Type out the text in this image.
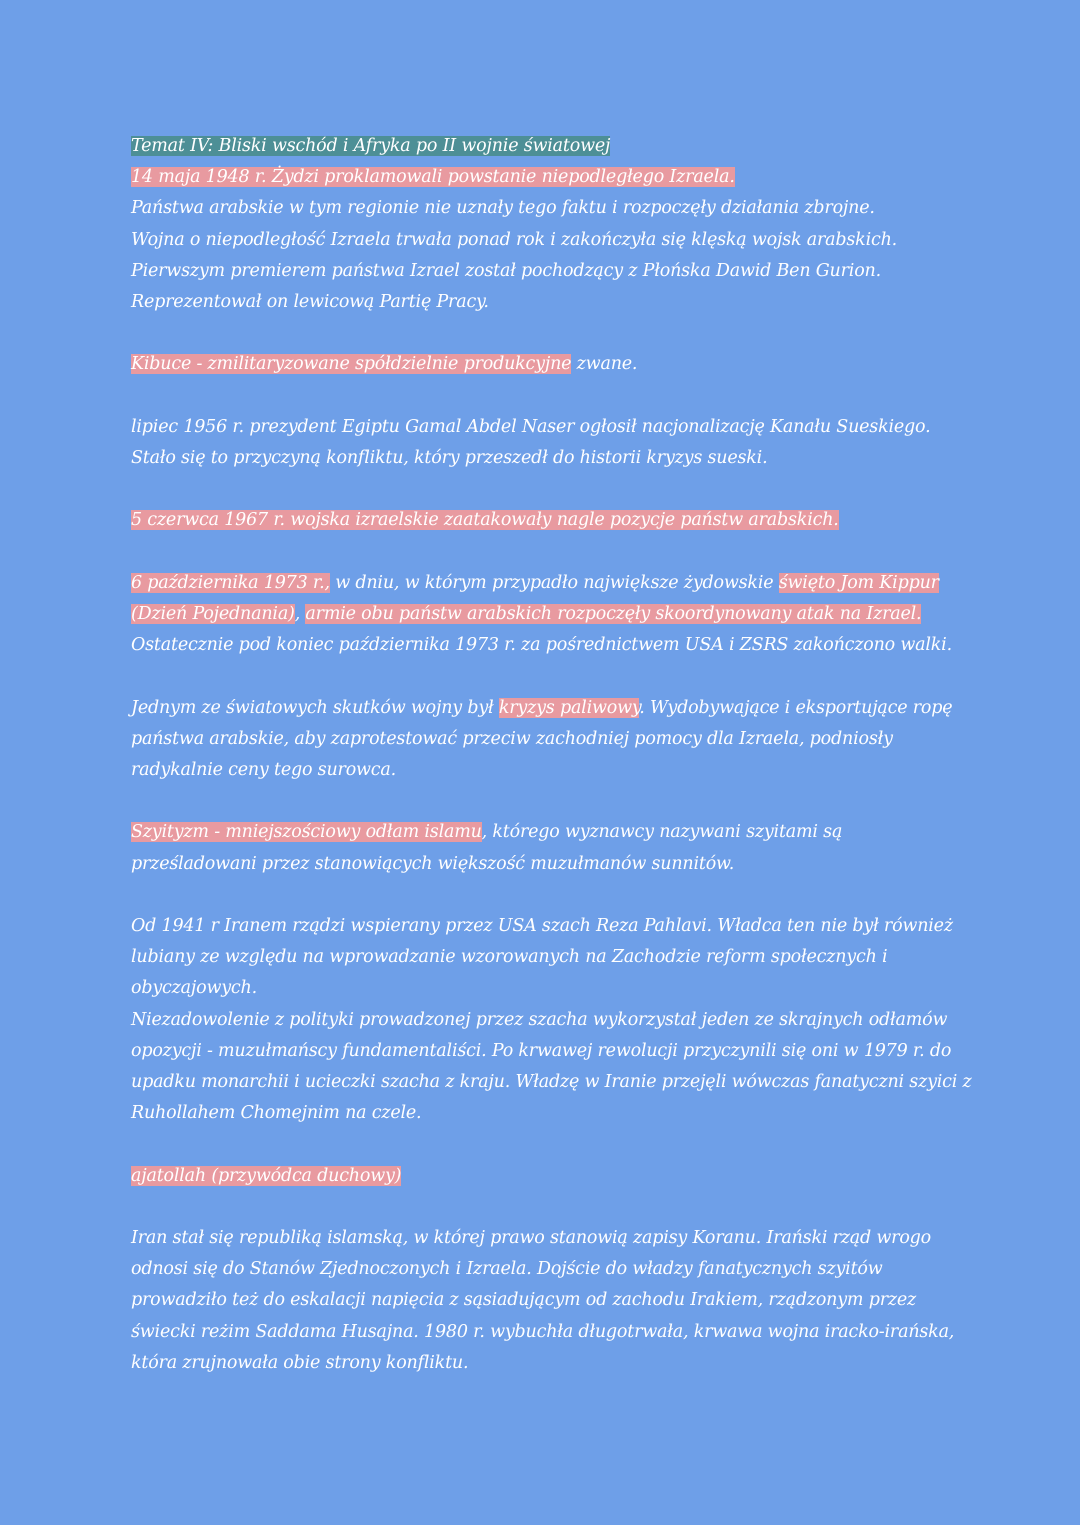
Temat IV: Bliski wschód i Afryka po II wojnie światowej
14 maja 1948 r. Żydzi proklamowali powstanie niepodległego Izraela.
Państwa arabskie w tym regionie nie uznały tego faktu i rozpoczęły działania zbrojne.
Wojna o niepodległość Izraela trwała ponad rok i zakończyła się klęską wojsk arabskich.
Pierwszym premierem państwa Izrael został pochodzący z Płońska Dawid Ben Gurion.
Reprezentował on lewicową Partię Pracy.
Kibuce - zmilitaryzowane spółdzielnie produkcyjne zwane.
lipiec 1956 r. prezydent Egiptu Gamal Abdel Naser ogłosił nacjonalizację Kanału Sueskiego.
Stało się to przyczyną konfliktu, który przeszedł do historii kryzys sueski.
5 czerwca 1967 r. wojska izraelskie zaatakowały nagle pozycje państw arabskich.
6 października 1973 r., w dniu, w którym przypadło największe żydowskie święto Jom Kippur
(Dzień Pojednania), armie obu państw arabskich rozpoczęły skoordynowany atak na Izrael.
Ostatecznie pod koniec października 1973 r. za pośrednictwem USA i ZSRS zakończono walki.
Jednym ze światowych skutków wojny był kryzys paliwowy. Wydobywające i eksportujące ropę
państwa arabskie, aby zaprotestować przeciw zachodniej pomocy dla Izraela, podniosły
radykalnie ceny tego surowca.
Szyityzm - mniejszościowy odłam islamu, którego wyznawcy nazywani szyitami są
prześladowani przez stanowiących większość muzułmanów sunnitów.
Od 1941 r Iranem rządzi wspierany przez USA szach Reza Pahlavi. Władca ten nie był również
lubiany ze względu na wprowadzanie wzorowanych na Zachodzie reform społecznych i
obyczajowych.
Niezadowolenie z polityki prowadzonej przez szacha wykorzystał jeden ze skrajnych odłamów
opozycji - muzułmańscy fundamentaliści. Po krwawej rewolucji przyczynili się oni w 1979 r. do
upadku monarchii i ucieczki szacha z kraju. Władzę w Iranie przejęli wówczas fanatyczni szyici z
Ruhollahem Chomejnim na czele.
ajatollah (przywódca duchowy)
Iran stał się republiką islamską, w której prawo stanowią zapisy Koranu. Irański rząd wrogo
odnosi się do Stanów Zjednoczonych i Izraela. Dojście do władzy fanatycznych szyitów
prowadziło też do eskalacji napięcia z sąsiadującym od zachodu Irakiem, rządzonym przez
świecki reżim Saddama Husajna. 1980 r. wybuchła długotrwała, krwawa wojna iracko-irańska,
która zrujnowała obie strony konfliktu.
